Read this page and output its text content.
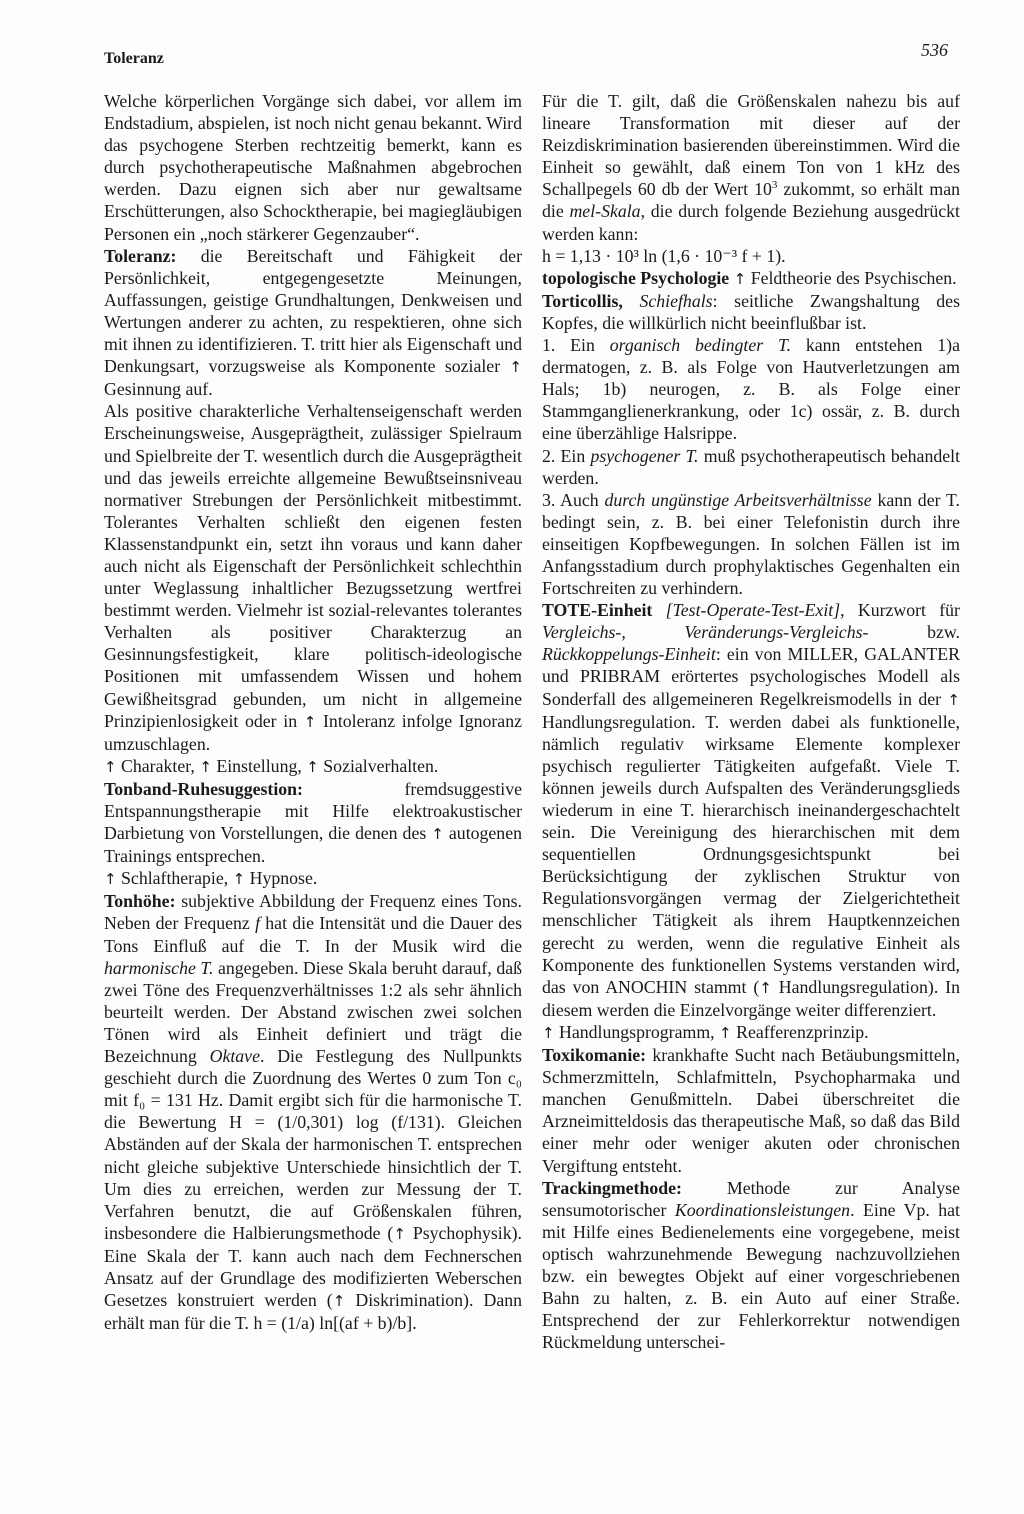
Toleranz	536

Welche körperlichen Vorgänge sich dabei, vor allem im Endstadium, abspielen, ist noch nicht genau bekannt. Wird das psychogene Sterben rechtzeitig bemerkt, kann es durch psychotherapeutische Maßnahmen abgebrochen werden. Dazu eignen sich aber nur gewaltsame Erschütterungen, also Schocktherapie, bei magiegläubigen Personen ein „noch stärkerer Gegenzauber“.

Toleranz: die Bereitschaft und Fähigkeit der Persönlichkeit, entgegengesetzte Meinungen, Auffassungen, geistige Grundhaltungen, Denkweisen und Wertungen anderer zu achten, zu respektieren, ohne sich mit ihnen zu identifizieren. T. tritt hier als Eigenschaft und Denkungsart, vorzugsweise als Komponente sozialer ↑ Gesinnung auf.

Als positive charakterliche Verhaltenseigenschaft werden Erscheinungsweise, Ausgeprägtheit, zulässiger Spielraum und Spielbreite der T. wesentlich durch die Ausgeprägtheit und das jeweils erreichte allgemeine Bewußtseinsniveau normativer Strebungen der Persönlichkeit mitbestimmt. Tolerantes Verhalten schließt den eigenen festen Klassenstandpunkt ein, setzt ihn voraus und kann daher auch nicht als Eigenschaft der Persönlichkeit schlechthin unter Weglassung inhaltlicher Bezugssetzung wertfrei bestimmt werden. Vielmehr ist sozial-relevantes tolerantes Verhalten als positiver Charakterzug an Gesinnungsfestigkeit, klare politisch-ideologische Positionen mit umfassendem Wissen und hohem Gewißheitsgrad gebunden, um nicht in allgemeine Prinzipienlosigkeit oder in ↑ Intoleranz infolge Ignoranz umzuschlagen.

↑ Charakter, ↑ Einstellung, ↑ Sozialverhalten.

Tonband-Ruhesuggestion:	fremdsuggestive Entspannungstherapie mit Hilfe elektroakustischer Darbietung von Vorstellungen, die denen des ↑ autogenen Trainings entsprechen.

↑ Schlaftherapie, ↑ Hypnose.

Tonhöhe: subjektive Abbildung der Frequenz eines Tons. Neben der Frequenz f hat die Intensität und die Dauer des Tons Einfluß auf die T. In der Musik wird die harmonische T. angegeben. Diese Skala beruht darauf, daß zwei Töne des Frequenzverhältnisses 1:2 als sehr ähnlich beurteilt werden. Der Abstand zwischen zwei solchen Tönen wird als Einheit definiert und trägt die Bezeichnung Oktave. Die Festlegung des Nullpunkts geschieht durch die Zuordnung des Wertes 0 zum Ton c₀ mit f₀ = 131 Hz. Damit ergibt sich für die harmonische T. die Bewertung H = (1/0,301) log (f/131). Gleichen Abständen auf der Skala der harmonischen T. entsprechen nicht gleiche subjektive Unterschiede hinsichtlich der T. Um dies zu erreichen, werden zur Messung der T. Verfahren benutzt, die auf Größenskalen führen, insbesondere die Halbierungsmethode (↑ Psychophysik). Eine Skala der T. kann auch nach dem Fechnerschen Ansatz auf der Grundlage des modifizierten Weberschen Gesetzes konstruiert werden (↑ Diskrimination). Dann erhält man für die T. h = (1/a) ln[(af + b)/b].

Für die T. gilt, daß die Größenskalen nahezu bis auf lineare Transformation mit dieser auf der Reizdiskrimination basierenden übereinstimmen. Wird die Einheit so gewählt, daß einem Ton von 1 kHz des Schallpegels 60 db der Wert $10^3$ zukommt, so erhält man die mel-Skala, die durch folgende Beziehung ausgedrückt werden kann:

h = 1,13 · 10³ ln (1,6 · 10⁻³ f + 1).

topologische Psychologie ↑ Feldtheorie des Psychischen.

Torticollis, Schiefhals: seitliche Zwangshaltung des Kopfes, die willkürlich nicht beeinflußbar ist.

1. Ein organisch bedingter T. kann entstehen 1)a dermatogen, z. B. als Folge von Hautverletzungen am Hals; 1b) neurogen, z. B. als Folge einer Stammganglienerkrankung, oder 1c) ossär, z. B. durch eine überzählige Halsrippe.

2. Ein psychogener T. muß psychotherapeutisch behandelt werden.

3. Auch durch ungünstige Arbeitsverhältnisse kann der T. bedingt sein, z. B. bei einer Telefonistin durch ihre einseitigen Kopfbewegungen. In solchen Fällen ist im Anfangsstadium durch prophylaktisches Gegenhalten ein Fortschreiten zu verhindern.

TOTE-Einheit [Test-Operate-Test-Exit], Kurzwort für Vergleichs-, Veränderungs-Vergleichs-	bzw. Rückkoppelungs-Einheit: ein von MILLER, GALANTER und PRIBRAM erörtertes psychologisches Modell als Sonderfall des allgemeineren Regelkreismodells in der ↑ Handlungsregulation. T. werden dabei als funktionelle, nämlich regulativ wirksame Elemente komplexer psychisch regulierter Tätigkeiten aufgefaßt. Viele T. können jeweils durch Aufspalten des Veränderungsglieds wiederum in eine T. hierarchisch ineinandergeschachtelt sein. Die Vereinigung des hierarchischen mit dem sequentiellen Ordnungsgesichtspunkt bei Berücksichtigung der zyklischen Struktur von Regulationsvorgängen vermag der Zielgerichtetheit menschlicher Tätigkeit als ihrem Hauptkennzeichen gerecht zu werden, wenn die regulative Einheit als Komponente des funktionellen Systems verstanden wird, das von ANOCHIN stammt (↑ Handlungsregulation). In diesem werden die Einzelvorgänge weiter differenziert.

↑ Handlungsprogramm, ↑ Reafferenzprinzip.

Toxikomanie: krankhafte Sucht nach Betäubungsmitteln, Schmerzmitteln, Schlafmitteln, Psychopharmaka und manchen Genußmitteln. Dabei überschreitet die Arzneimitteldosis das therapeutische Maß, so daß das Bild einer mehr oder weniger akuten oder chronischen Vergiftung entsteht.

Trackingmethode:	Methode zur Analyse sensumotorischer Koordinationsleistungen. Eine Vp. hat mit Hilfe eines Bedienelements eine vorgegebene, meist optisch wahrzunehmende Bewegung nachzuvollziehen bzw. ein bewegtes Objekt auf einer vorgeschriebenen Bahn zu halten, z. B. ein Auto auf einer Straße. Entsprechend der zur Fehlerkorrektur notwendigen Rückmeldung unterschei-
